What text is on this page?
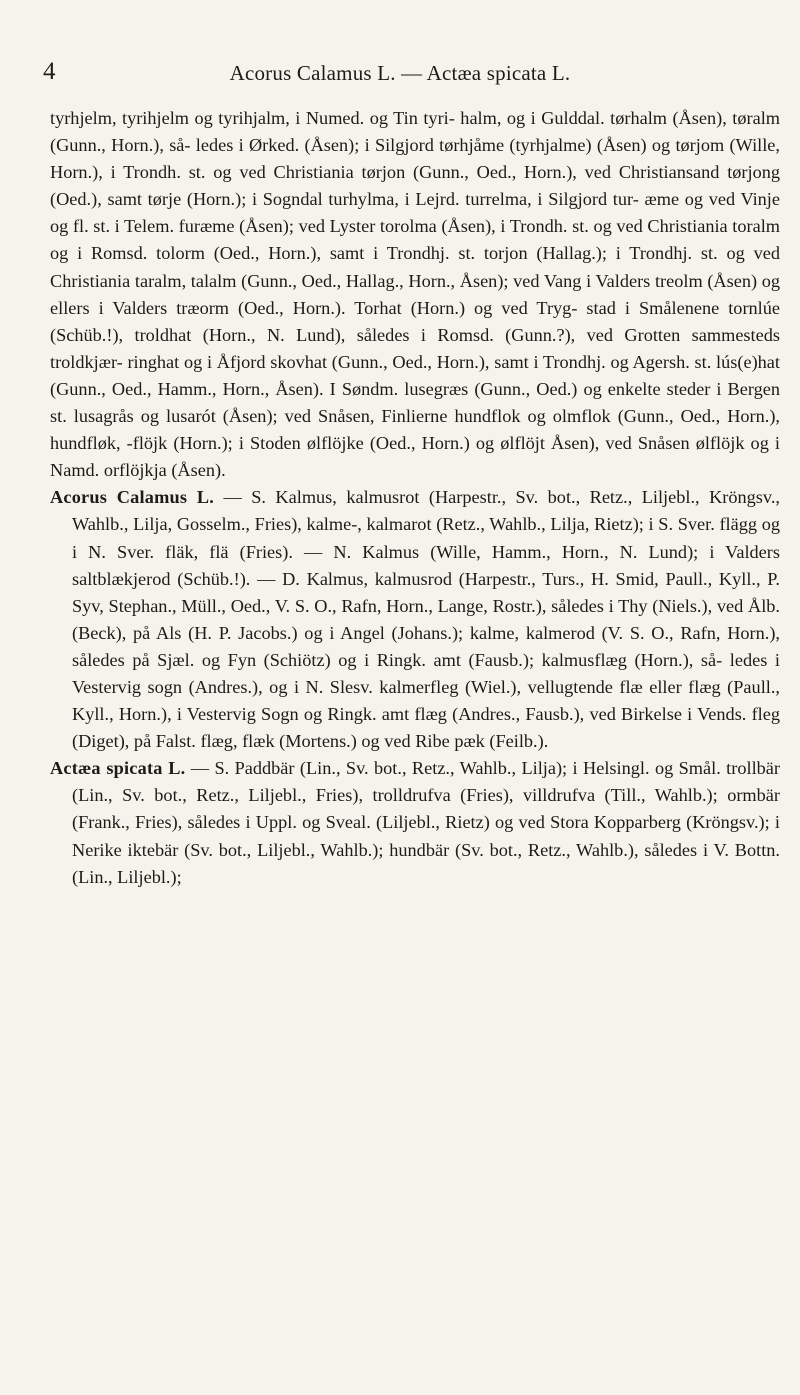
4	Acorus Calamus L. — Actæa spicata L.

tyrhjelm, tyrihjelm og tyrihjalm, i Numed. og Tin tyri- halm, og i Gulddal. tørhalm (Åsen), tøralm (Gunn., Horn.), så- ledes i Ørked. (Åsen); i Silgjord tørhjåme (tyrhjalme) (Åsen) og tørjom (Wille, Horn.), i Trondh. st. og ved Christiania tørjon (Gunn., Oed., Horn.), ved Christiansand tørjong (Oed.), samt tørje (Horn.); i Sogndal turhylma, i Lejrd. turrelma, i Silgjord tur- æme og ved Vinje og fl. st. i Telem. furæme (Åsen); ved Lyster torolma (Åsen), i Trondh. st. og ved Christiania toralm og i Romsd. tolorm (Oed., Horn.), samt i Trondhj. st. torjon (Hallag.); i Trondhj. st. og ved Christiania taralm, talalm (Gunn., Oed., Hallag., Horn., Åsen); ved Vang i Valders treolm (Åsen) og ellers i Valders træorm (Oed., Horn.). Torhat (Horn.) og ved Tryg- stad i Smålenene tornlúe (Schüb.!), troldhat (Horn., N. Lund), således i Romsd. (Gunn.?), ved Grotten sammesteds troldkjær- ringhat og i Åfjord skovhat (Gunn., Oed., Horn.), samt i Trondhj. og Agersh. st. lús(e)hat (Gunn., Oed., Hamm., Horn., Åsen). I Søndm. lusegræs (Gunn., Oed.) og enkelte steder i Bergen st. lusagrås og lusarót (Åsen); ved Snåsen, Finlierne hundflok og olmflok (Gunn., Oed., Horn.), hundfløk, -flöjk (Horn.); i Stoden ølflöjke (Oed., Horn.) og ølflöjt Åsen), ved Snåsen ølflöjk og i Namd. orflöjkja (Åsen).

Acorus Calamus L. — S. Kalmus, kalmusrot (Harpestr., Sv. bot., Retz., Liljebl., Kröngsv., Wahlb., Lilja, Gosselm., Fries), kalme-, kalmarot (Retz., Wahlb., Lilja, Rietz); i S. Sver. flägg og i N. Sver. fläk, flä (Fries). — N. Kalmus (Wille, Hamm., Horn., N. Lund); i Valders saltblækjerod (Schüb.!). — D. Kalmus, kalmusrod (Harpestr., Turs., H. Smid, Paull., Kyll., P. Syv, Stephan., Müll., Oed., V. S. O., Rafn, Horn., Lange, Rostr.), således i Thy (Niels.), ved Ålb. (Beck), på Als (H. P. Jacobs.) og i Angel (Johans.); kalme, kalmerod (V. S. O., Rafn, Horn.), således på Sjæl. og Fyn (Schiötz) og i Ringk. amt (Fausb.); kalmusflæg (Horn.), så- ledes i Vestervig sogn (Andres.), og i N. Slesv. kalmerfleg (Wiel.), vellugtende flæ eller flæg (Paull., Kyll., Horn.), i Vestervig Sogn og Ringk. amt flæg (Andres., Fausb.), ved Birkelse i Vends. fleg (Diget), på Falst. flæg, flæk (Mortens.) og ved Ribe pæk (Feilb.).

Actæa spicata L. — S. Paddbär (Lin., Sv. bot., Retz., Wahlb., Lilja); i Helsingl. og Smål. trollbär (Lin., Sv. bot., Retz., Liljebl., Fries), trolldrufva (Fries), villdrufva (Till., Wahlb.); ormbär (Frank., Fries), således i Uppl. og Sveal. (Liljebl., Rietz) og ved Stora Kopparberg (Kröngsv.); i Nerike iktebär (Sv. bot., Liljebl., Wahlb.); hundbär (Sv. bot., Retz., Wahlb.), således i V. Bottn. (Lin., Liljebl.);
